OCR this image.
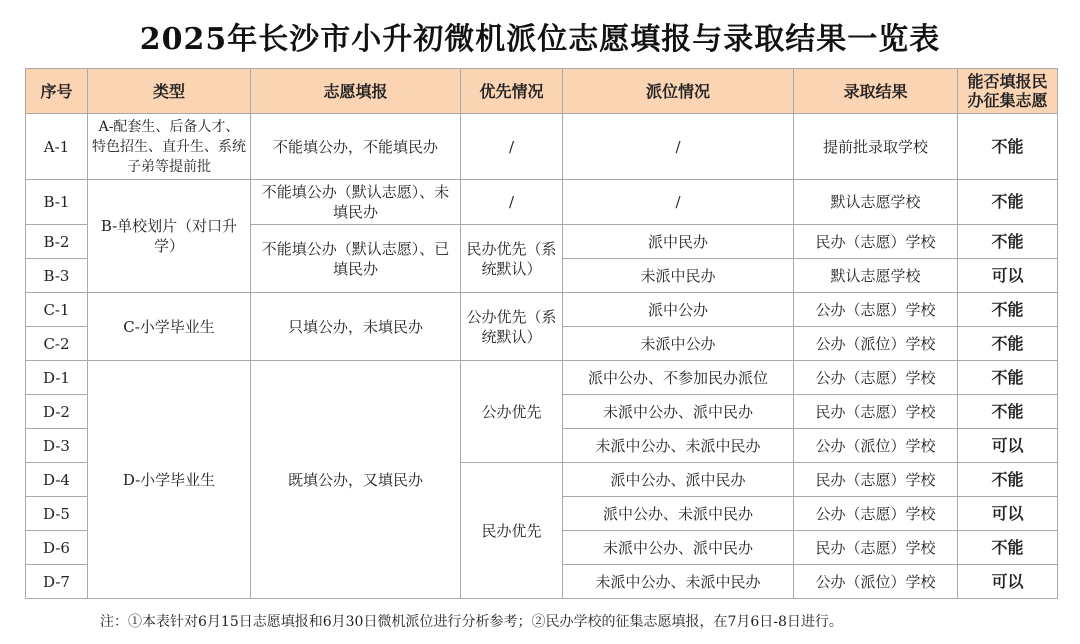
2025年长沙市小升初微机派位志愿填报与录取结果一览表
序号	类型	志愿填报	优先情况	派位情况	录取结果	能否填报民办征集志愿
A-1	A-配套生、后备人才、特色招生、直升生、系统子弟等提前批	不能填公办，不能填民办	/	/	提前批录取学校	不能
B-1	B-单校划片（对口升学）	不能填公办（默认志愿）、未填民办	/	/	默认志愿学校	不能
B-2		不能填公办（默认志愿）、已填民办	民办优先（系统默认）	派中民办	民办（志愿）学校	不能
B-3				未派中民办	默认志愿学校	可以
C-1	C-小学毕业生	只填公办，未填民办	公办优先（系统默认）	派中公办	公办（志愿）学校	不能
C-2				未派中公办	公办（派位）学校	不能
D-1	D-小学毕业生	既填公办，又填民办	公办优先	派中公办、不参加民办派位	公办（志愿）学校	不能
D-2				未派中公办、派中民办	民办（志愿）学校	不能
D-3				未派中公办、未派中民办	公办（派位）学校	可以
D-4			民办优先	派中公办、派中民办	民办（志愿）学校	不能
D-5				派中公办、未派中民办	公办（志愿）学校	可以
D-6				未派中公办、派中民办	民办（志愿）学校	不能
D-7				未派中公办、未派中民办	公办（派位）学校	可以
注：①本表针对6月15日志愿填报和6月30日微机派位进行分析参考；②民办学校的征集志愿填报，在7月6日-8日进行。
